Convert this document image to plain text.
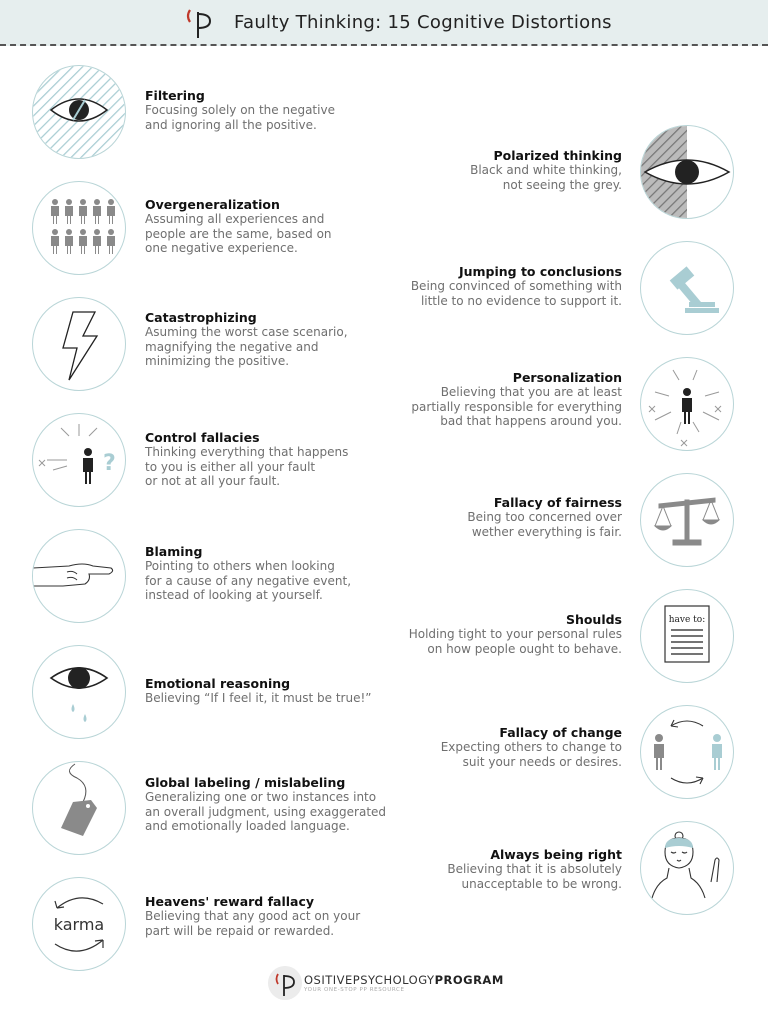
Faulty Thinking: 15 Cognitive Distortions
Filtering
Focusing solely on the negative
and ignoring all the positive.
Overgeneralization
Assuming all experiences and
people are the same, based on
one negative experience.
Catastrophizing
Asuming the worst case scenario,
magnifying the negative and
minimizing the positive.
?
Control fallacies
Thinking everything that happens
to you is either all your fault
or not at all your fault.
Blaming
Pointing to others when looking
for a cause of any negative event,
instead of looking at yourself.
Emotional reasoning
Believing “If I feel it, it must be true!”
Global labeling / mislabeling
Generalizing one or two instances into
an overall judgment, using exaggerated
and emotionally loaded language.
karma
Heavens' reward fallacy
Believing that any good act on your
part will be repaid or rewarded.
Polarized thinking
Black and white thinking,
not seeing the grey.
Jumping to conclusions
Being convinced of something with
little to no evidence to support it.
Personalization
Believing that you are at least
partially responsible for everything
bad that happens around you.
Fallacy of fairness
Being too concerned over
wether everything is fair.
have to:
Shoulds
Holding tight to your personal rules
on how people ought to behave.
Fallacy of change
Expecting others to change to
suit your needs or desires.
Always being right
Believing that it is absolutely
unacceptable to be wrong.
OSITIVEPSYCHOLOGYPROGRAM
YOUR ONE-STOP PP RESOURCE
